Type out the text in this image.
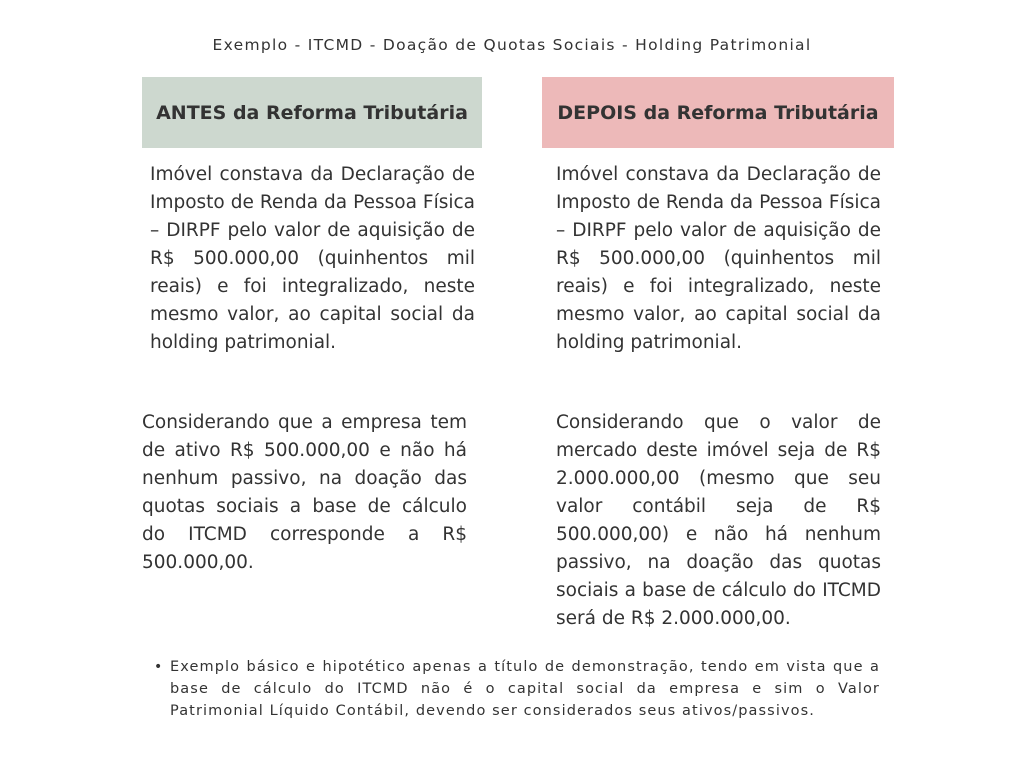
Exemplo - ITCMD - Doação de Quotas Sociais - Holding Patrimonial
ANTES da Reforma Tributária	DEPOIS da Reforma Tributária

Imóvel constava da Declaração de Imposto de Renda da Pessoa Física – DIRPF pelo valor de aquisição de R$ 500.000,00 (quinhentos mil reais) e foi integralizado, neste mesmo valor, ao capital social da holding patrimonial.

Imóvel constava da Declaração de Imposto de Renda da Pessoa Física – DIRPF pelo valor de aquisição de R$ 500.000,00 (quinhentos mil reais) e foi integralizado, neste mesmo valor, ao capital social da holding patrimonial.

Considerando que a empresa tem de ativo R$ 500.000,00 e não há nenhum passivo, na doação das quotas sociais a base de cálculo do ITCMD corresponde a R$ 500.000,00.

Considerando que o valor de mercado deste imóvel seja de R$ 2.000.000,00 (mesmo que seu valor contábil seja de R$ 500.000,00) e não há nenhum passivo, na doação das quotas sociais a base de cálculo do ITCMD será de R$ 2.000.000,00.

• Exemplo básico e hipotético apenas a título de demonstração, tendo em vista que a base de cálculo do ITCMD não é o capital social da empresa e sim o Valor Patrimonial Líquido Contábil, devendo ser considerados seus ativos/passivos.
